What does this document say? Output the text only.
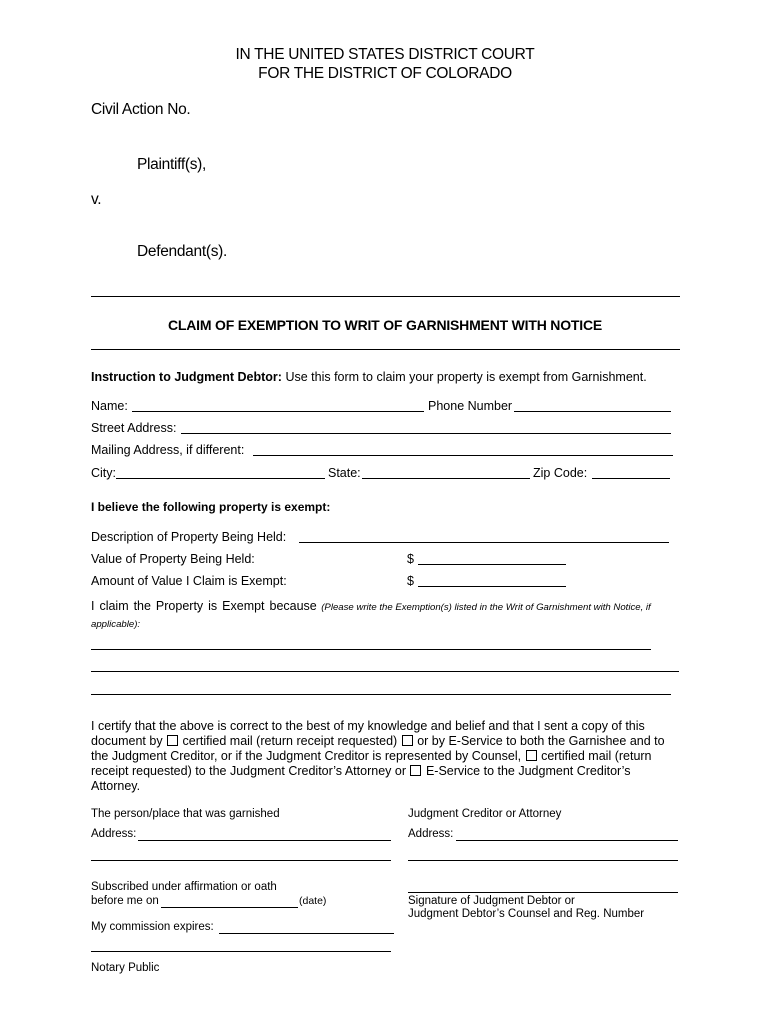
IN THE UNITED STATES DISTRICT COURT
FOR THE DISTRICT OF COLORADO
Civil Action No.
Plaintiff(s),
v.
Defendant(s).
CLAIM OF EXEMPTION TO WRIT OF GARNISHMENT WITH NOTICE
Instruction to Judgment Debtor: Use this form to claim your property is exempt from Garnishment.
Name:	Phone Number
Street Address:
Mailing Address, if different:
City:	State:	Zip Code:
I believe the following property is exempt:
Description of Property Being Held:
Value of Property Being Held:	$
Amount of Value I Claim is Exempt:	$
I claim the Property is Exempt because (Please write the Exemption(s) listed in the Writ of Garnishment with Notice, if
applicable):
I certify that the above is correct to the best of my knowledge and belief and that I sent a copy of this document by certified mail (return receipt requested) or by E-Service to both the Garnishee and to the Judgment Creditor, or if the Judgment Creditor is represented by Counsel, certified mail (return receipt requested) to the Judgment Creditor’s Attorney or E-Service to the Judgment Creditor’s Attorney.
The person/place that was garnished	Judgment Creditor or Attorney
Address:	Address:
Subscribed under affirmation or oath
before me on	(date)	Signature of Judgment Debtor or
Judgment Debtor’s Counsel and Reg. Number
My commission expires:
Notary Public
